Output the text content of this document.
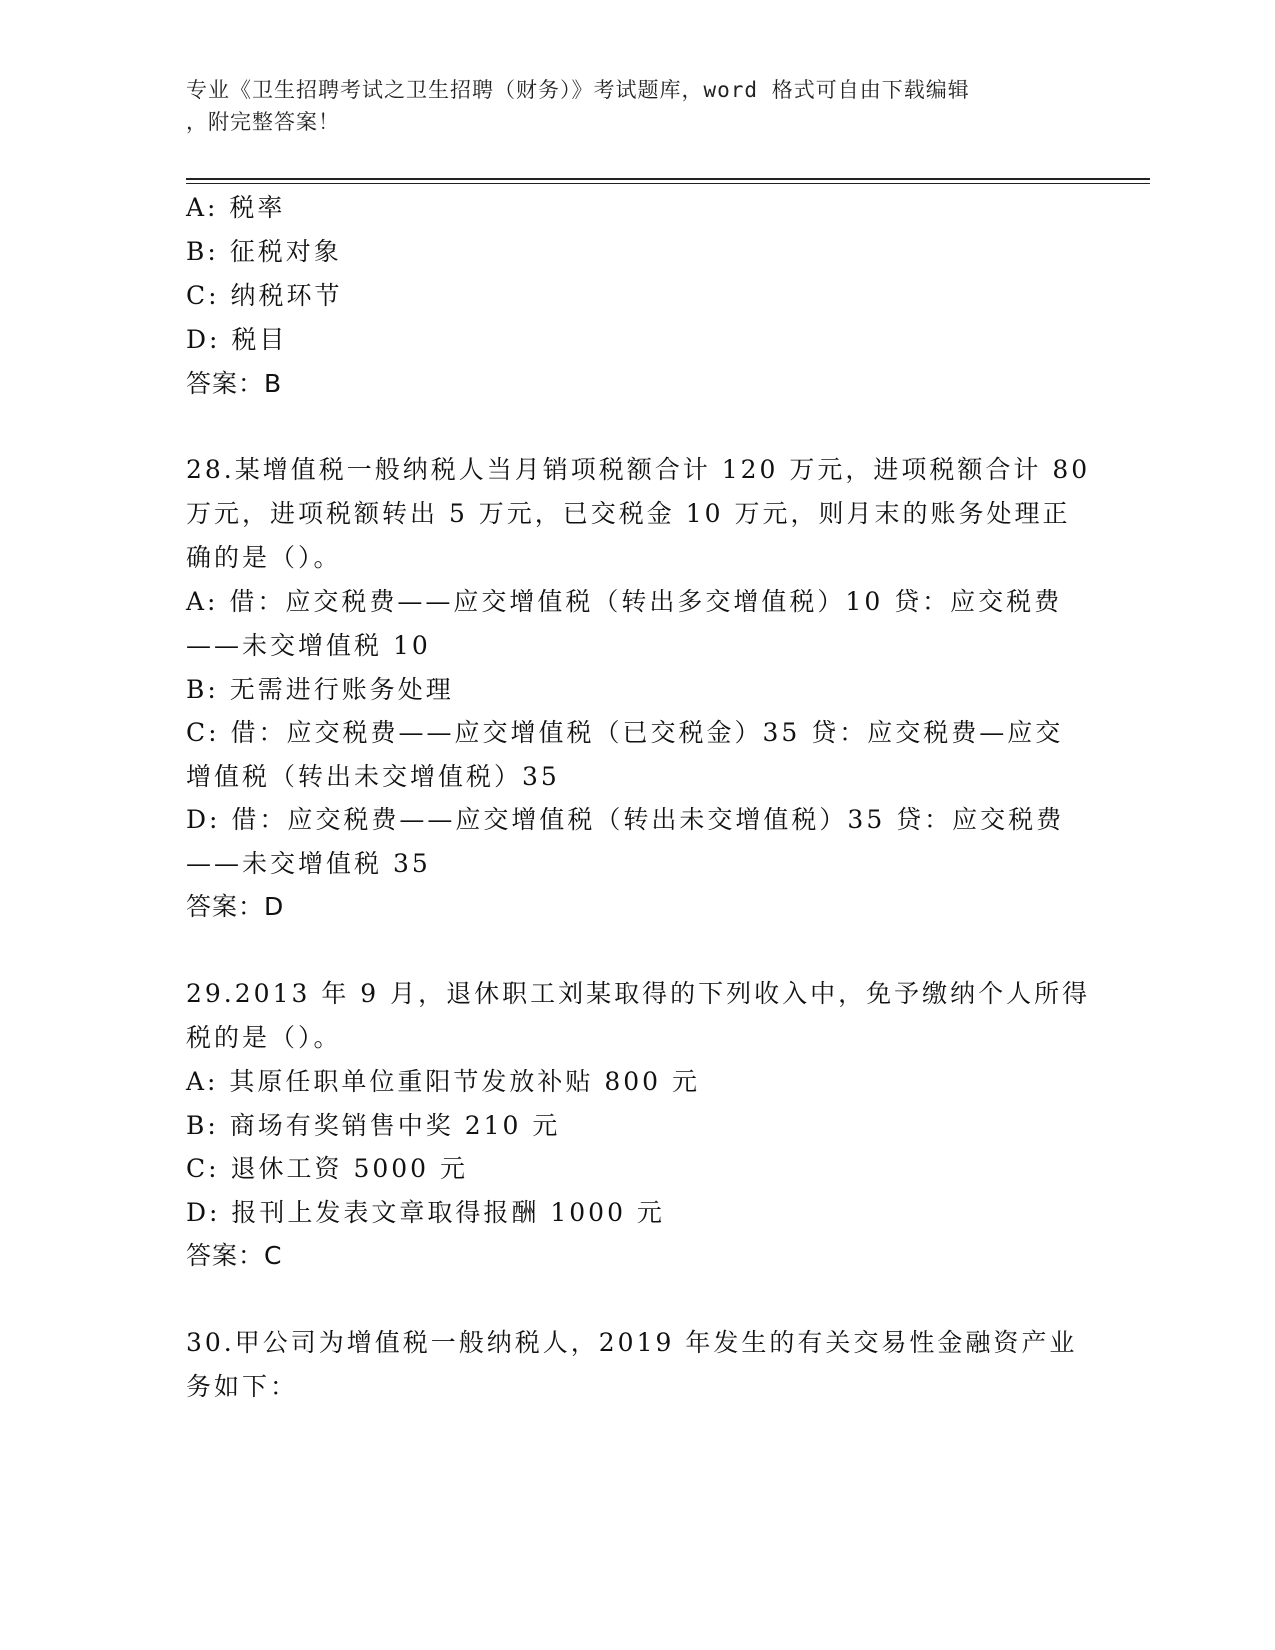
专业《卫生招聘考试之卫生招聘（财务）》考试题库，word 格式可自由下载编辑
，附完整答案！
A: 税率
B: 征税对象
C: 纳税环节
D: 税目
答案：B
28.某增值税一般纳税人当月销项税额合计 120 万元，进项税额合计 80
万元，进项税额转出 5 万元，已交税金 10 万元，则月末的账务处理正
确的是（）。
A: 借：应交税费——应交增值税（转出多交增值税）10 贷：应交税费
——未交增值税 10
B: 无需进行账务处理
C: 借：应交税费——应交增值税（已交税金）35 贷：应交税费—应交
增值税（转出未交增值税）35
D: 借：应交税费——应交增值税（转出未交增值税）35 贷：应交税费
——未交增值税 35
答案：D
29.2013 年 9 月，退休职工刘某取得的下列收入中，免予缴纳个人所得
税的是（）。
A: 其原任职单位重阳节发放补贴 800 元
B: 商场有奖销售中奖 210 元
C: 退休工资 5000 元
D: 报刊上发表文章取得报酬 1000 元
答案：C
30.甲公司为增值税一般纳税人，2019 年发生的有关交易性金融资产业
务如下：
